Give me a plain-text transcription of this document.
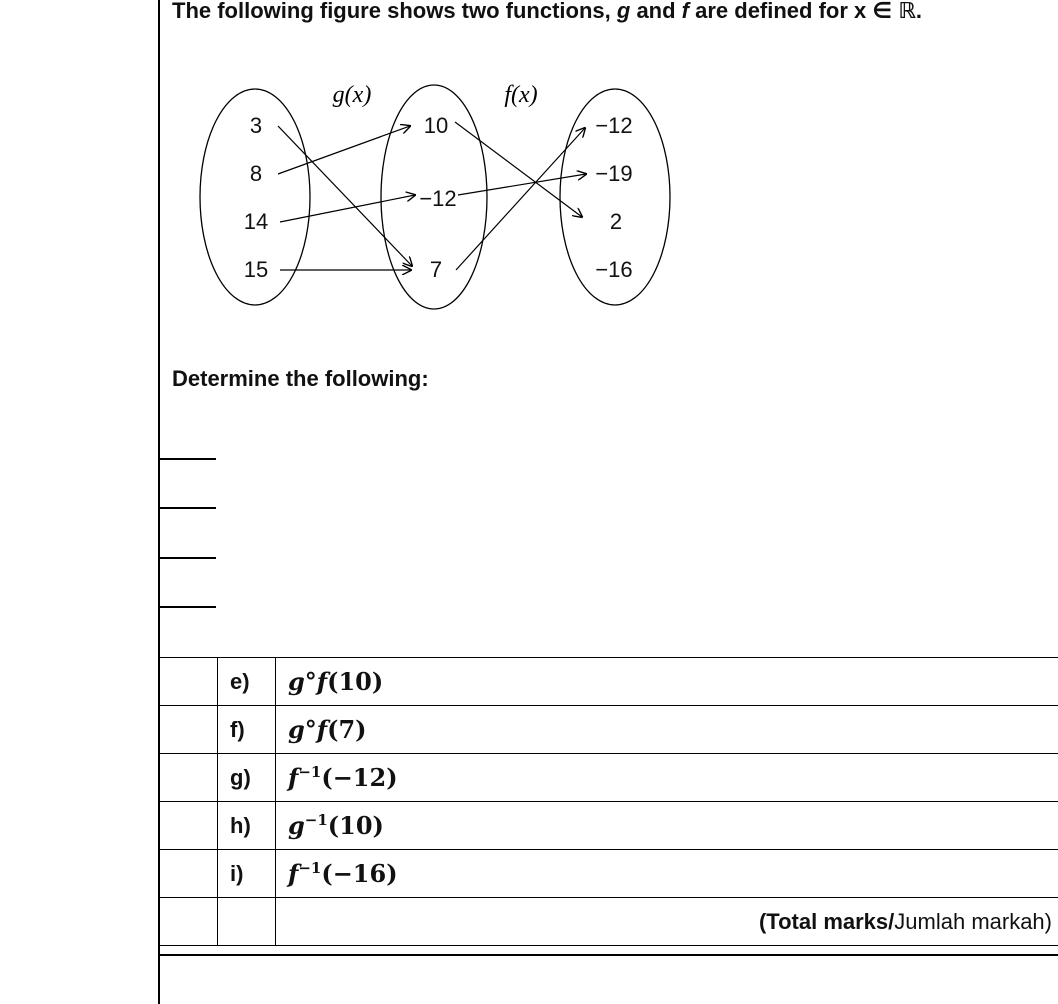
The following figure shows two functions, g and f are defined for x ∈ ℝ.
g(x)	f(x)
3
8
14
15
10
−12
7
−12
−19
2
−16
Determine the following:
	e)	g°f(10)
	f)	g°f(7)
	g)	$f^{-1}(-12)$
	h)	$g^{-1}(10)$
	i)	$f^{-1}(-16)$
		(Total marks/Jumlah markah)
